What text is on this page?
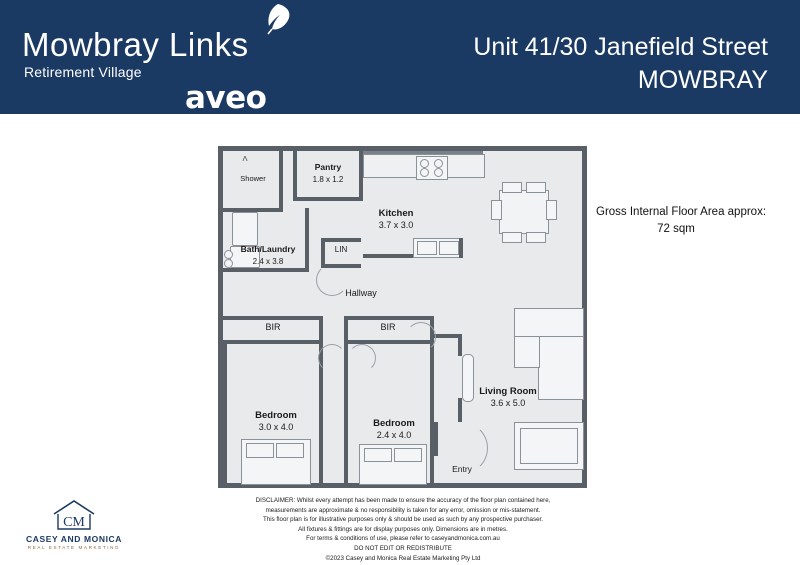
Mowbray Links
Retirement Village
aveo
Unit 41/30 Janefield Street
MOWBRAY
Gross Internal Floor Area approx:
72 sqm
Shower
Λ
Bath/Laundry
2.4 x 3.8
Pantry
1.8 x 1.2
Kitchen
3.7 x 3.0
LIN
Hallway

BIR	BIR
Bedroom
3.0 x 4.0	Bedroom
2.4 x 4.0
Living Room
3.6 x 5.0
Entry
DISCLAIMER: Whilst every attempt has been made to ensure the accuracy of the floor plan contained here,
measurements are approximate & no responsibility is taken for any error, omission or mis-statement.
This floor plan is for illustrative purposes only & should be used as such by any prospective purchaser.
All fixtures & fittings are for display purposes only. Dimensions are in metres.
For terms & conditions of use, please refer to caseyandmonica.com.au
DO NOT EDIT OR REDISTRIBUTE
©2023 Casey and Monica Real Estate Marketing Pty Ltd
CM
CASEY AND MONICA
REAL ESTATE MARKETING
